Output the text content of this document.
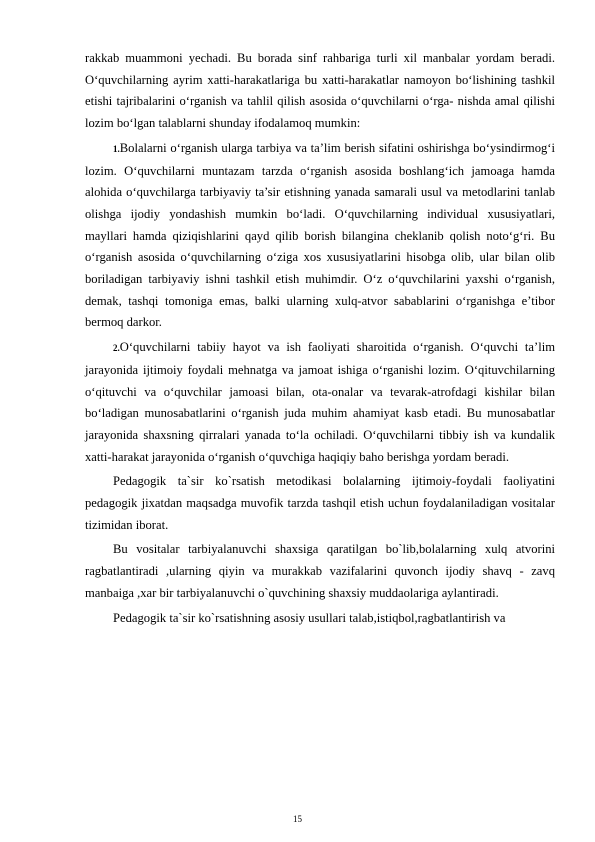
rakkab muammoni yechadi. Bu borada sinf rahbariga turli xil manbalar yordam beradi. O‘quvchilarning ayrim xatti-harakatlariga bu xatti-harakatlar namoyon bo‘lishining tashkil etishi tajribalarini o‘rganish va tahlil qilish asosida o‘quvchilarni o‘rga- nishda amal qilishi lozim bo‘lgan talablarni shunday ifodalamoq mumkin:

1.Bolalarni o‘rganish ularga tarbiya va ta’lim berish sifatini oshirishga bo‘ysindirmog‘i lozim. O‘quvchilarni muntazam tarzda o‘rganish asosida boshlang‘ich jamoaga hamda alohida o‘quvchilarga tarbiyaviy ta’sir etishning yanada samarali usul va metodlarini tanlab olishga ijodiy yondashish mumkin bo‘ladi. O‘quvchilarning individual xususiyatlari, mayllari hamda qiziqishlarini qayd qilib borish bilangina cheklanib qolish noto‘g‘ri. Bu o‘rganish asosida o‘quvchilarning o‘ziga xos xususiyatlarini hisobga olib, ular bilan olib boriladigan tarbiyaviy ishni tashkil etish muhimdir. O‘z o‘quvchilarini yaxshi o‘rganish, demak, tashqi tomoniga emas, balki ularning xulq-atvor sabablarini o‘rganishga e’tibor bermoq darkor.

2.O‘quvchilarni tabiiy hayot va ish faoliyati sharoitida o‘rganish. O‘quvchi ta’lim jarayonida ijtimoiy foydali mehnatga va jamoat ishiga o‘rganishi lozim. O‘qituvchilarning o‘qituvchi va o‘quvchilar jamoasi bilan, ota-onalar va tevarak-atrofdagi kishilar bilan bo‘ladigan munosabatlarini o‘rganish juda muhim ahamiyat kasb etadi. Bu munosabatlar jarayonida shaxsning qirralari yanada to‘la ochiladi. O‘quvchilarni tibbiy ish va kundalik xatti-harakat jarayonida o‘rganish o‘quvchiga haqiqiy baho berishga yordam beradi.

Pedagogik ta`sir ko`rsatish metodikasi bolalarning ijtimoiy-foydali faoliyatini pedagogik jixatdan maqsadga muvofik tarzda tashqil etish uchun foydalaniladigan vositalar tizimidan iborat.

Bu vositalar tarbiyalanuvchi shaxsiga qaratilgan bo`lib,bolalarning xulq atvorini ragbatlantiradi ,ularning qiyin va murakkab vazifalarini quvonch ijodiy shavq - zavq manbaiga ,xar bir tarbiyalanuvchi o`quvchining shaxsiy muddaolariga aylantiradi.

Pedagogik ta`sir ko`rsatishning asosiy usullari talab,istiqbol,ragbatlantirish va

15
